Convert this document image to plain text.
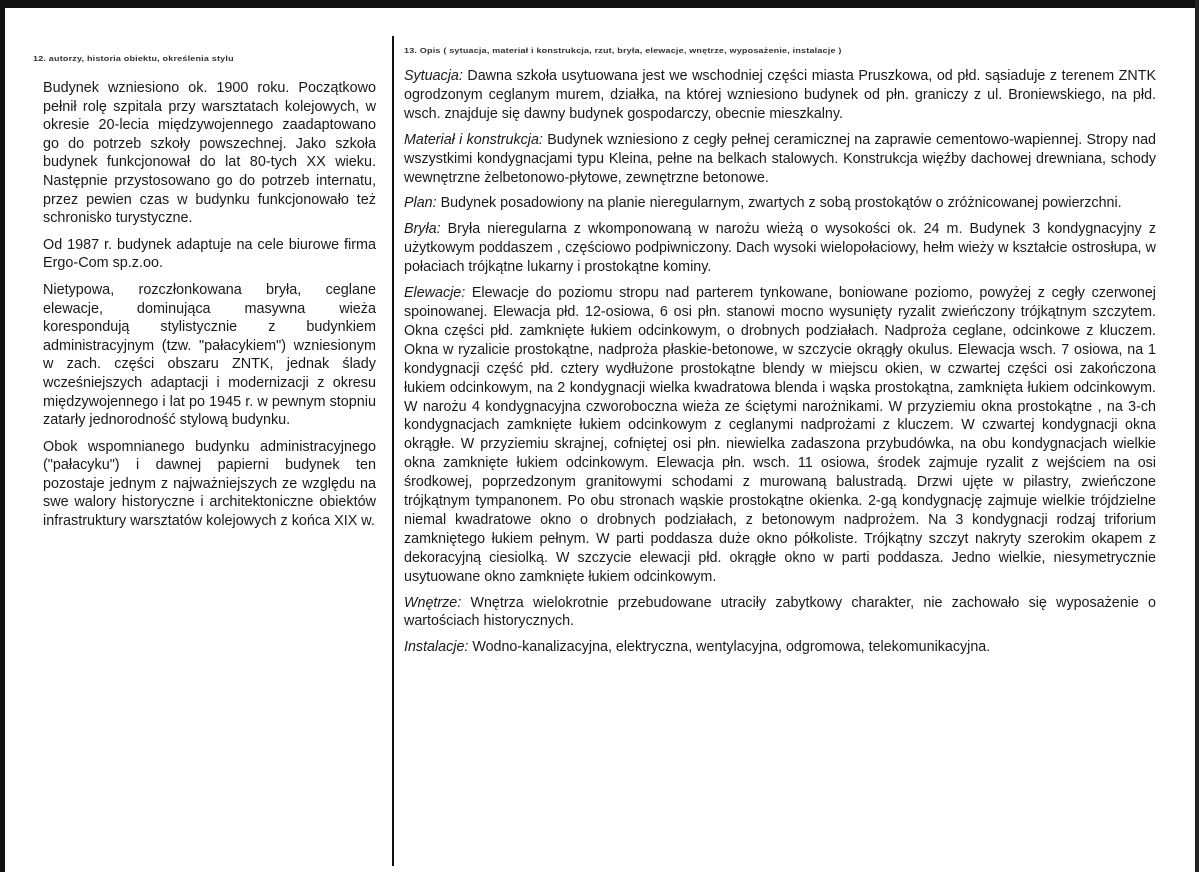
12. autorzy, historia obiektu, określenia stylu

Budynek wzniesiono ok. 1900 roku. Początkowo pełnił rolę szpitala przy warsztatach kolejowych, w okresie 20-lecia międzywojennego zaadaptowano go do potrzeb szkoły powszechnej. Jako szkoła budynek funkcjonował do lat 80-tych XX wieku. Następnie przystosowano go do potrzeb internatu, przez pewien czas w budynku funkcjonowało też schronisko turystyczne.

Od 1987 r. budynek adaptuje na cele biurowe firma Ergo-Com sp.z.oo.

Nietypowa, rozczłonkowana bryła, ceglane elewacje, dominująca masywna wieża korespondują stylistycznie z budynkiem administracyjnym (tzw. "pałacykiem") wzniesionym w zach. części obszaru ZNTK, jednak ślady wcześniejszych adaptacji i modernizacji z okresu międzywojennego i lat po 1945 r. w pewnym stopniu zatarły jednorodność stylową budynku.

Obok wspomnianego budynku administracyjnego ("pałacyku") i dawnej papierni budynek ten pozostaje jednym z najważniejszych ze względu na swe walory historyczne i architektoniczne obiektów infrastruktury warsztatów kolejowych z końca XIX w.

13. Opis ( sytuacja, materiał i konstrukcja, rzut, bryła, elewacje, wnętrze, wyposażenie, instalacje )

Sytuacja: Dawna szkoła usytuowana jest we wschodniej części miasta Pruszkowa, od płd. sąsiaduje z terenem ZNTK ogrodzonym ceglanym murem, działka, na której wzniesiono budynek od płn. graniczy z ul. Broniewskiego, na płd. wsch. znajduje się dawny budynek gospodarczy, obecnie mieszkalny.

Materiał i konstrukcja: Budynek wzniesiono z cegły pełnej ceramicznej na zaprawie cementowo-wapiennej. Stropy nad wszystkimi kondygnacjami typu Kleina, pełne na belkach stalowych. Konstrukcja więźby dachowej drewniana, schody wewnętrzne żelbetonowo-płytowe, zewnętrzne betonowe.

Plan: Budynek posadowiony na planie nieregularnym, zwartych z sobą prostokątów o zróżnicowanej powierzchni.

Bryła: Bryła nieregularna z wkomponowaną w narożu wieżą o wysokości ok. 24 m. Budynek 3 kondygnacyjny z użytkowym poddaszem , częściowo podpiwniczony. Dach wysoki wielopołaciowy, hełm wieży w kształcie ostrosłupa, w połaciach trójkątne lukarny i prostokątne kominy.

Elewacje: Elewacje do poziomu stropu nad parterem tynkowane, boniowane poziomo, powyżej z cegły czerwonej spoinowanej. Elewacja płd. 12-osiowa, 6 osi płn. stanowi mocno wysunięty ryzalit zwieńczony trójkątnym szczytem. Okna części płd. zamknięte łukiem odcinkowym, o drobnych podziałach. Nadproża ceglane, odcinkowe z kluczem. Okna w ryzalicie prostokątne, nadproża płaskie-betonowe, w szczycie okrągły okulus. Elewacja wsch. 7 osiowa, na 1 kondygnacji część płd. cztery wydłużone prostokątne blendy w miejscu okien, w czwartej części osi zakończona łukiem odcinkowym, na 2 kondygnacji wielka kwadratowa blenda i wąska prostokątna, zamknięta łukiem odcinkowym. W narożu 4 kondygnacyjna czworoboczna wieża ze ściętymi narożnikami. W przyziemiu okna prostokątne , na 3-ch kondygnacjach zamknięte łukiem odcinkowym z ceglanymi nadprożami z kluczem. W czwartej kondygnacji okna okrągłe. W przyziemiu skrajnej, cofniętej osi płn. niewielka zadaszona przybudówka, na obu kondygnacjach wielkie okna zamknięte łukiem odcinkowym. Elewacja płn. wsch. 11 osiowa, środek zajmuje ryzalit z wejściem na osi środkowej, poprzedzonym granitowymi schodami z murowaną balustradą. Drzwi ujęte w pilastry, zwieńczone trójkątnym tympanonem. Po obu stronach wąskie prostokątne okienka. 2-gą kondygnację zajmuje wielkie trójdzielne niemal kwadratowe okno o drobnych podziałach, z betonowym nadprożem. Na 3 kondygnacji rodzaj triforium zamkniętego łukiem pełnym. W parti poddasza duże okno półkoliste. Trójkątny szczyt nakryty szerokim okapem z dekoracyjną ciesiolką. W szczycie elewacji płd. okrągłe okno w parti poddasza. Jedno wielkie, niesymetrycznie usytuowane okno zamknięte łukiem odcinkowym.

Wnętrze: Wnętrza wielokrotnie przebudowane utraciły zabytkowy charakter, nie zachowało się wyposażenie o wartościach historycznych.

Instalacje: Wodno-kanalizacyjna, elektryczna, wentylacyjna, odgromowa, telekomunikacyjna.
